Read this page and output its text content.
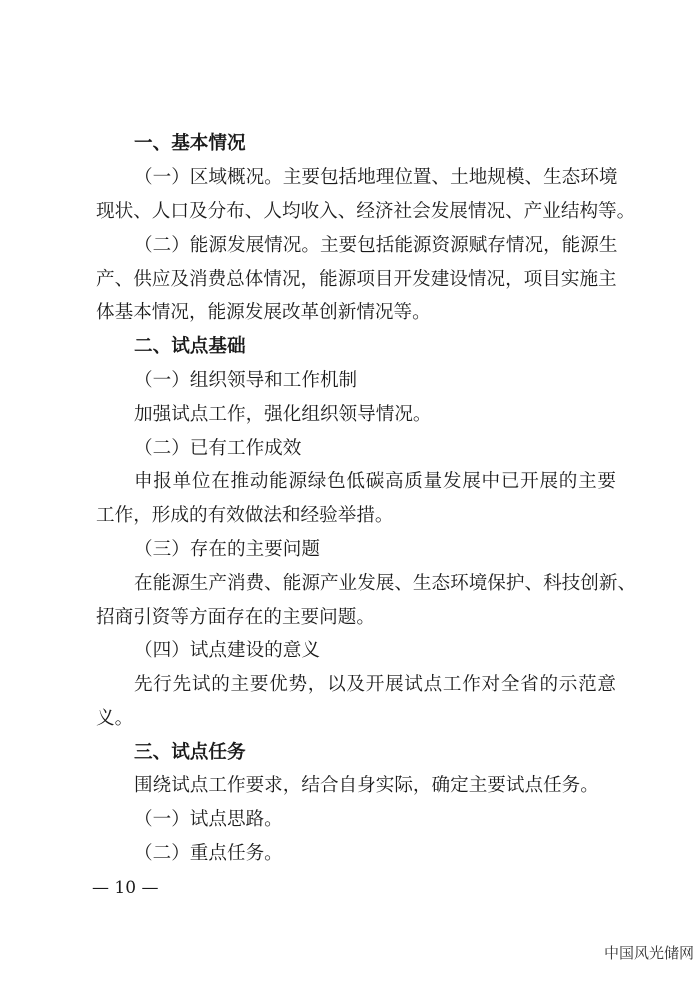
一、基本情况
（一）区域概况。主要包括地理位置、土地规模、生态环境
现状、人口及分布、人均收入、经济社会发展情况、产业结构等。
（二）能源发展情况。主要包括能源资源赋存情况，能源生
产、供应及消费总体情况，能源项目开发建设情况，项目实施主
体基本情况，能源发展改革创新情况等。
二、试点基础
（一）组织领导和工作机制
加强试点工作，强化组织领导情况。
（二）已有工作成效
申报单位在推动能源绿色低碳高质量发展中已开展的主要
工作，形成的有效做法和经验举措。
（三）存在的主要问题
在能源生产消费、能源产业发展、生态环境保护、科技创新、
招商引资等方面存在的主要问题。
（四）试点建设的意义
先行先试的主要优势，以及开展试点工作对全省的示范意
义。
三、试点任务
围绕试点工作要求，结合自身实际，确定主要试点任务。
（一）试点思路。
（二）重点任务。
— 10 —
中国风光储网
